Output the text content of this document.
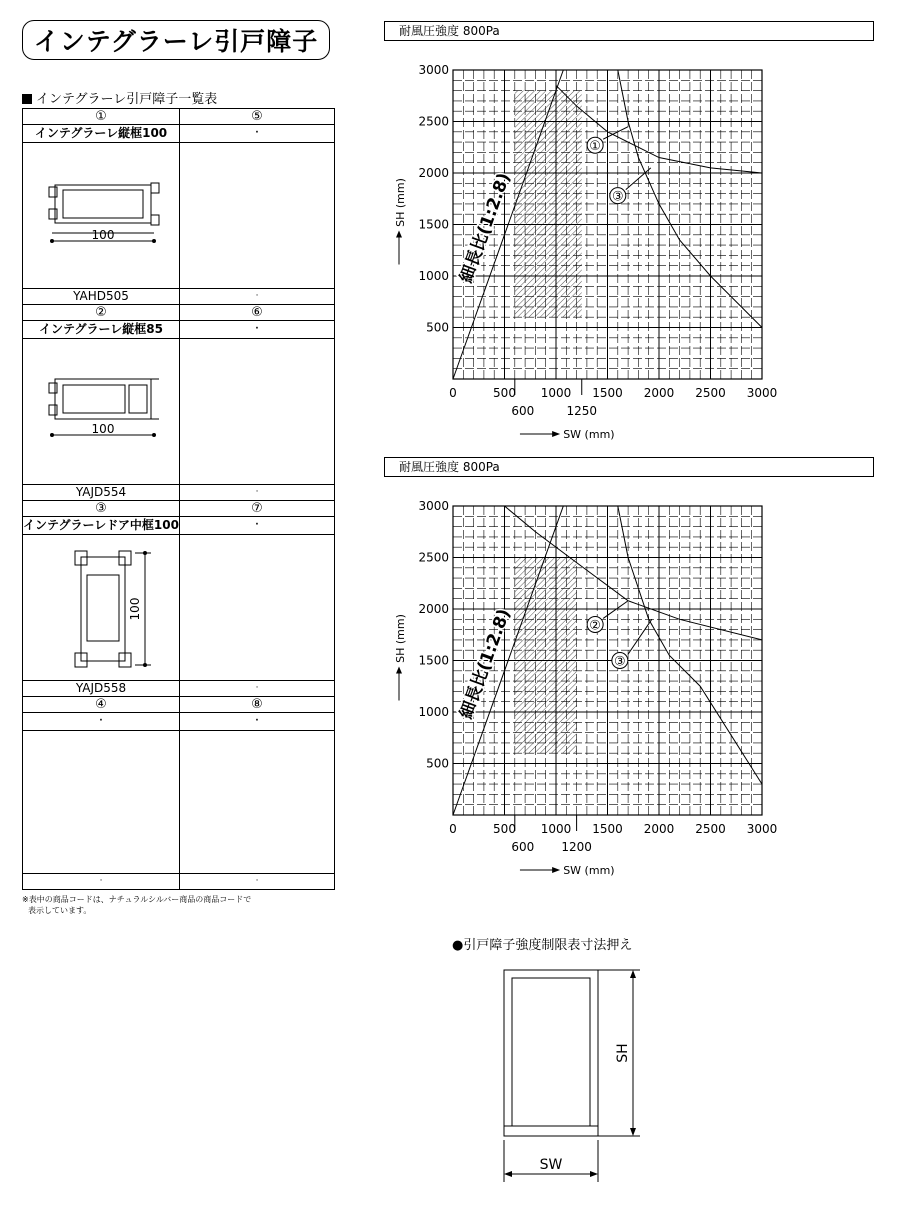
インテグラーレ引戸障子
インテグラーレ引戸障子一覧表
①	⑤
インテグラーレ縦框100	·

100	

YAHD505	·
②	⑥
インテグラーレ縦框85	·

100	

YAJD554	·
③	⑦
インテグラーレドア中框100	·

100	

YAJD558	·
④	⑧
·	·

·	·
※表中の商品コードは、ナチュラルシルバー商品の商品コードで
表示しています。
耐風圧強度 800Pa
500
1000
1500
2000
2500
3000
0	500 1000 1500 2000 2500 3000
600	1250
SH (mm)
SW (mm)
細長比(1:2.8)
①
③
耐風圧強度 800Pa
500
1000
1500
2000
2500
3000
0	500 1000 1500 2000 2500 3000
600 1200
SH (mm)
SW (mm)
細長比(1:2.8)	②
③
●引戸障子強度制限表寸法押え
SH
SW
